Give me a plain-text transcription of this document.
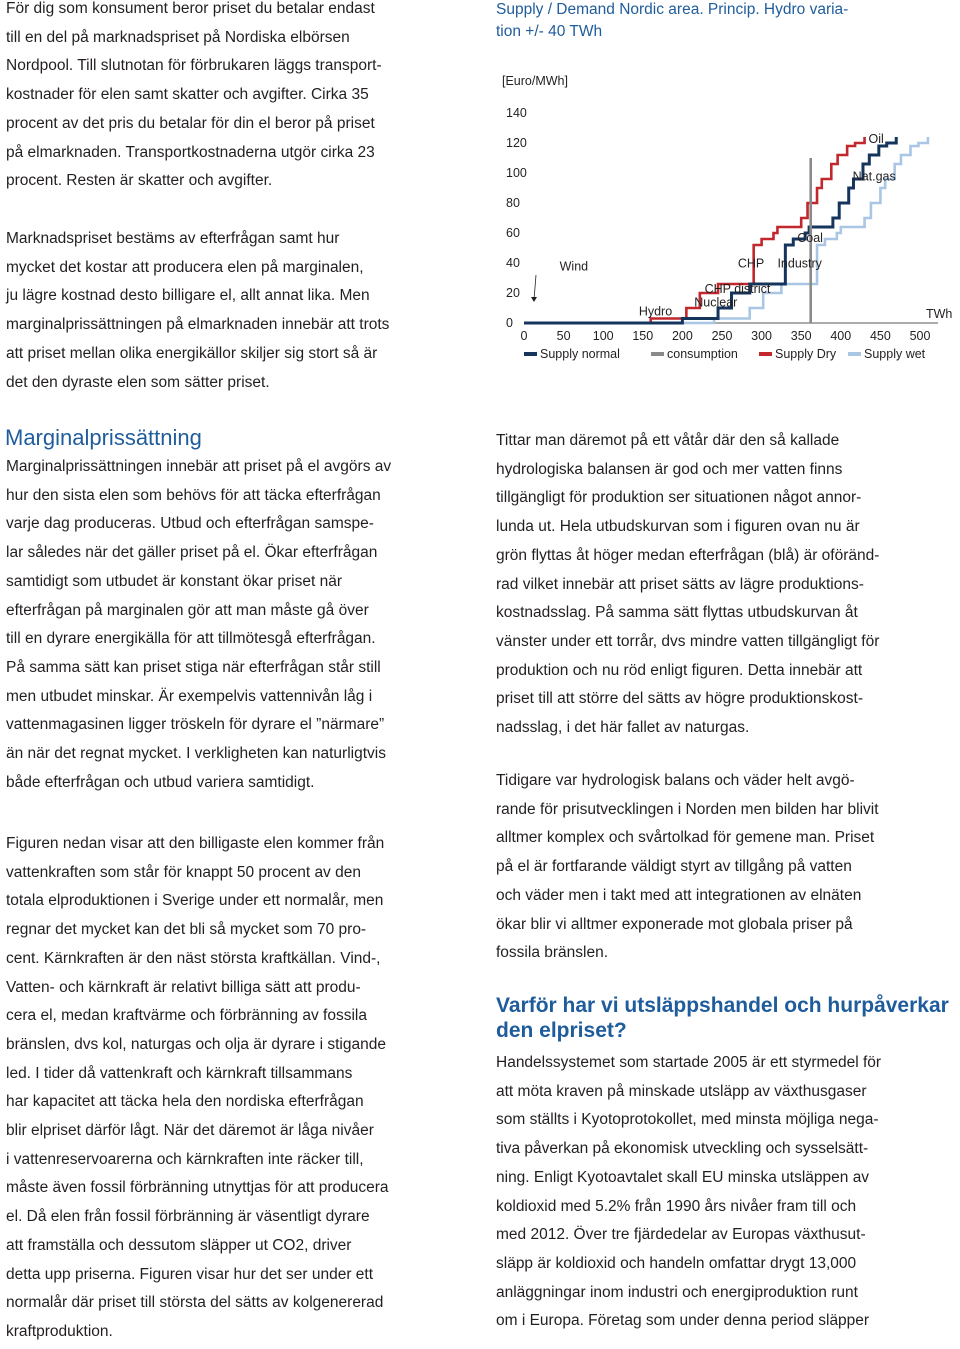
För dig som konsument beror priset du betalar endast
till en del på marknadspriset på Nordiska elbörsen
Nordpool. Till slutnotan för förbrukaren läggs transport-
kostnader för elen samt skatter och avgifter. Cirka 35
procent av det pris du betalar för din el beror på priset
på elmarknaden. Transportkostnaderna utgör cirka 23
procent. Resten är skatter och avgifter.

Marknadspriset bestäms av efterfrågan samt hur
mycket det kostar att producera elen på marginalen,
ju lägre kostnad desto billigare el, allt annat lika. Men
marginalprissättningen på elmarknaden innebär att trots
att priset mellan olika energikällor skiljer sig stort så är
det den dyraste elen som sätter priset.

Marginalprissättning

Marginalprissättningen innebär att priset på el avgörs av
hur den sista elen som behövs för att täcka efterfrågan
varje dag produceras. Utbud och efterfrågan samspe-
lar således när det gäller priset på el. Ökar efterfrågan
samtidigt som utbudet är konstant ökar priset när
efterfrågan på marginalen gör att man måste gå över
till en dyrare energikälla för att tillmötesgå efterfrågan.
På samma sätt kan priset stiga när efterfrågan står still
men utbudet minskar. Är exempelvis vattennivån låg i
vattenmagasinen ligger tröskeln för dyrare el ”närmare”
än när det regnat mycket. I verkligheten kan naturligtvis
både efterfrågan och utbud variera samtidigt.

Figuren nedan visar att den billigaste elen kommer från
vattenkraften som står för knappt 50 procent av den
totala elproduktionen i Sverige under ett normalår, men
regnar det mycket kan det bli så mycket som 70 pro-
cent. Kärnkraften är den näst största kraftkällan. Vind-,
Vatten- och kärnkraft är relativt billiga sätt att produ-
cera el, medan kraftvärme och förbränning av fossila
bränslen, dvs kol, naturgas och olja är dyrare i stigande
led. I tider då vattenkraft och kärnkraft tillsammans
har kapacitet att täcka hela den nordiska efterfrågan
blir elpriset därför lågt. När det däremot är låga nivåer
i vattenreservoarerna och kärnkraften inte räcker till,
måste även fossil förbränning utnyttjas för att producera
el. Då elen från fossil förbränning är väsentligt dyrare
att framställa och dessutom släpper ut CO2, driver
detta upp priserna. Figuren visar hur det ser under ett
normalår där priset till största del sätts av kolgenererad
kraftproduktion.

Supply / Demand Nordic area. Princip. Hydro varia-
tion +/- 40 TWh

[Euro/MWh]
0
20
40
60
80
100
120
140
0 50 100 150 200 250 300 350 400 450 500
TWh
Wind
Hydro
Nuclear
CHP district
CHP Industry
Coal
Nat.gas
Oil
Supply normal	consumption	Supply Dry Supply wet

Tittar man däremot på ett våtår där den så kallade
hydrologiska balansen är god och mer vatten finns
tillgängligt för produktion ser situationen något annor-
lunda ut. Hela utbudskurvan som i figuren ovan nu är
grön flyttas åt höger medan efterfrågan (blå) är oföränd-
rad vilket innebär att priset sätts av lägre produktions-
kostnadsslag. På samma sätt flyttas utbudskurvan åt
vänster under ett torrår, dvs mindre vatten tillgängligt för
produktion och nu röd enligt figuren. Detta innebär att
priset till att större del sätts av högre produktionskost-
nadsslag, i det här fallet av naturgas.

Tidigare var hydrologisk balans och väder helt avgö-
rande för prisutvecklingen i Norden men bilden har blivit
alltmer komplex och svårtolkad för gemene man. Priset
på el är fortfarande väldigt styrt av tillgång på vatten
och väder men i takt med att integrationen av elnäten
ökar blir vi alltmer exponerade mot globala priser på
fossila bränslen.

Varför har vi utsläppshandel och hurpåverkar den elpriset?

Handelssystemet som startade 2005 är ett styrmedel för
att möta kraven på minskade utsläpp av växthusgaser
som ställts i Kyotoprotokollet, med minsta möjliga nega-
tiva påverkan på ekonomisk utveckling och sysselsätt-
ning. Enligt Kyotoavtalet skall EU minska utsläppen av
koldioxid med 5.2% från 1990 års nivåer fram till och
med 2012. Över tre fjärdedelar av Europas växthusut-
släpp är koldioxid och handeln omfattar drygt 13,000
anläggningar inom industri och energiproduktion runt
om i Europa. Företag som under denna period släpper
